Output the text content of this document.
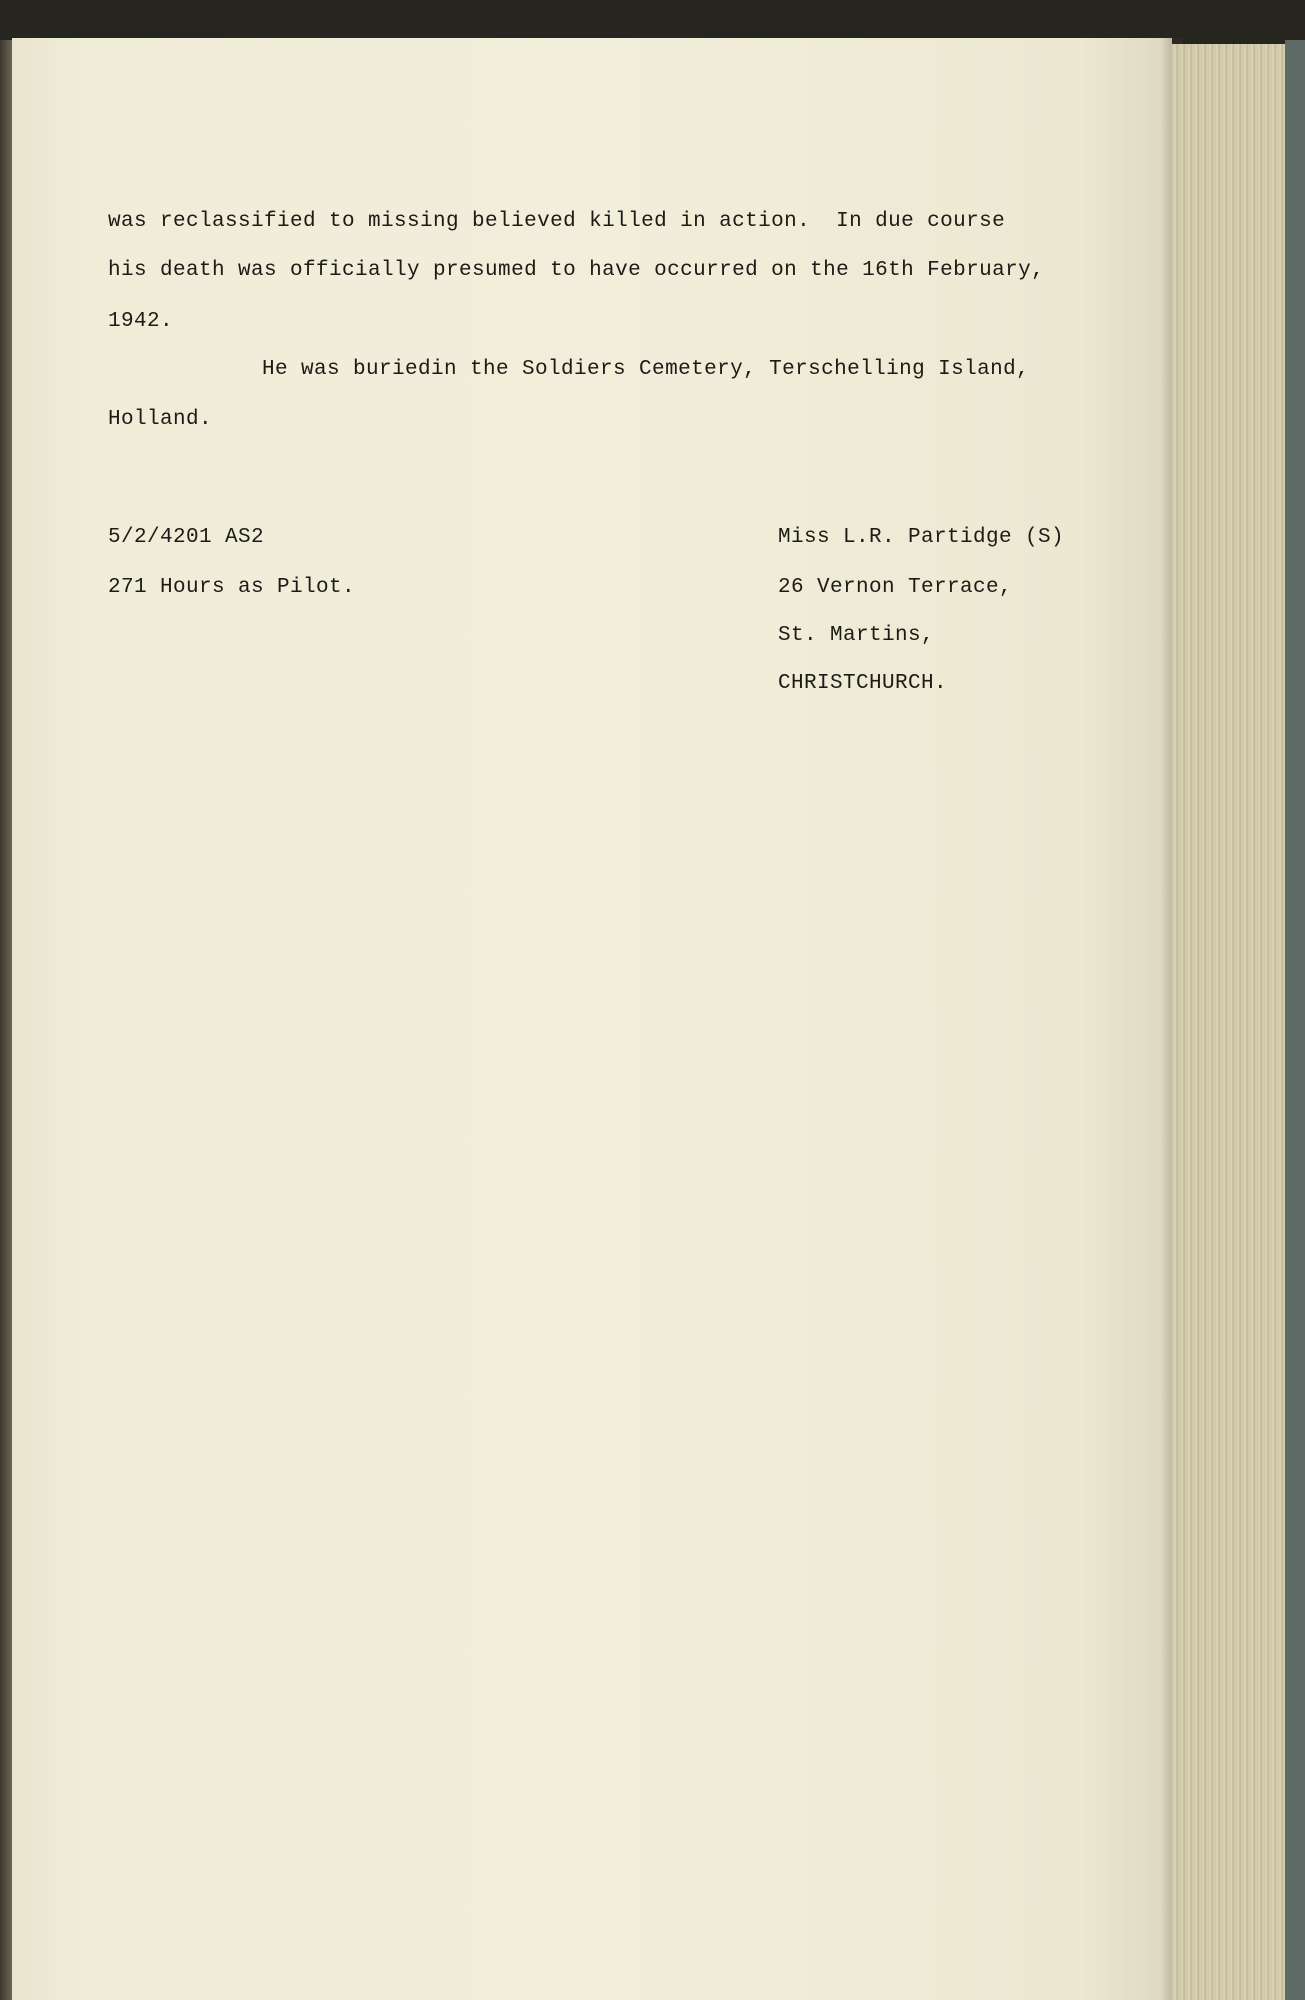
was reclassified to missing believed killed in action.  In due course
his death was officially presumed to have occurred on the 16th February,
1942.
He was buriedin the Soldiers Cemetery, Terschelling Island,
Holland.
5/2/4201 AS2
271 Hours as Pilot.
Miss L.R. Partidge (S)
26 Vernon Terrace,
St. Martins,
CHRISTCHURCH.
